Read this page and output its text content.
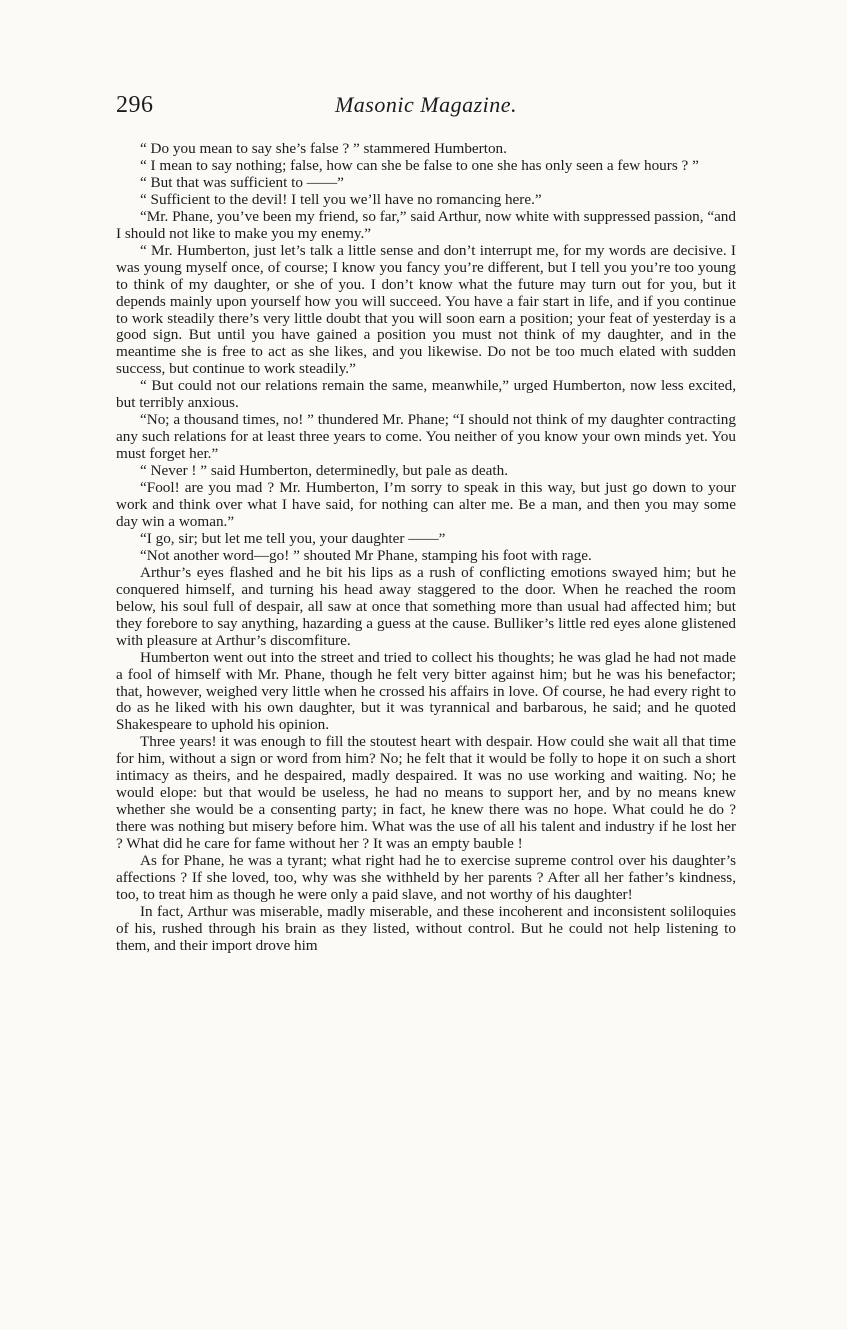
296	Masonic Magazine.

“ Do you mean to say she’s false ? ” stammered Humberton.

“ I mean to say nothing; false, how can she be false to one she has only seen a few hours ? ”

“ But that was sufficient to ——”

“ Sufficient to the devil! I tell you we’ll have no romancing here.”

“Mr. Phane, you’ve been my friend, so far,” said Arthur, now white with suppressed passion, “and I should not like to make you my enemy.”

“ Mr. Humberton, just let’s talk a little sense and don’t interrupt me, for my words are decisive. I was young myself once, of course; I know you fancy you’re different, but I tell you you’re too young to think of my daughter, or she of you. I don’t know what the future may turn out for you, but it depends mainly upon yourself how you will succeed. You have a fair start in life, and if you continue to work steadily there’s very little doubt that you will soon earn a position; your feat of yesterday is a good sign. But until you have gained a position you must not think of my daughter, and in the meantime she is free to act as she likes, and you likewise. Do not be too much elated with sudden success, but continue to work steadily.”

“ But could not our relations remain the same, meanwhile,” urged Humberton, now less excited, but terribly anxious.

“No; a thousand times, no! ” thundered Mr. Phane; “I should not think of my daughter contracting any such relations for at least three years to come. You neither of you know your own minds yet. You must forget her.”

“ Never ! ” said Humberton, determinedly, but pale as death.

“Fool! are you mad ? Mr. Humberton, I’m sorry to speak in this way, but just go down to your work and think over what I have said, for nothing can alter me. Be a man, and then you may some day win a woman.”

“I go, sir; but let me tell you, your daughter ——”

“Not another word—go! ” shouted Mr Phane, stamping his foot with rage.

Arthur’s eyes flashed and he bit his lips as a rush of conflicting emotions swayed him; but he conquered himself, and turning his head away staggered to the door. When he reached the room below, his soul full of despair, all saw at once that something more than usual had affected him; but they forebore to say anything, hazarding a guess at the cause. Bulliker’s little red eyes alone glistened with pleasure at Arthur’s discomfiture.

Humberton went out into the street and tried to collect his thoughts; he was glad he had not made a fool of himself with Mr. Phane, though he felt very bitter against him; but he was his benefactor; that, however, weighed very little when he crossed his affairs in love. Of course, he had every right to do as he liked with his own daughter, but it was tyrannical and barbarous, he said; and he quoted Shakespeare to uphold his opinion.

Three years! it was enough to fill the stoutest heart with despair. How could she wait all that time for him, without a sign or word from him? No; he felt that it would be folly to hope it on such a short intimacy as theirs, and he despaired, madly despaired. It was no use working and waiting. No; he would elope: but that would be useless, he had no means to support her, and by no means knew whether she would be a consenting party; in fact, he knew there was no hope. What could he do ? there was nothing but misery before him. What was the use of all his talent and industry if he lost her ? What did he care for fame without her ? It was an empty bauble !

As for Phane, he was a tyrant; what right had he to exercise supreme control over his daughter’s affections ? If she loved, too, why was she withheld by her parents ? After all her father’s kindness, too, to treat him as though he were only a paid slave, and not worthy of his daughter!

In fact, Arthur was miserable, madly miserable, and these incoherent and inconsistent soliloquies of his, rushed through his brain as they listed, without control. But he could not help listening to them, and their import drove him
